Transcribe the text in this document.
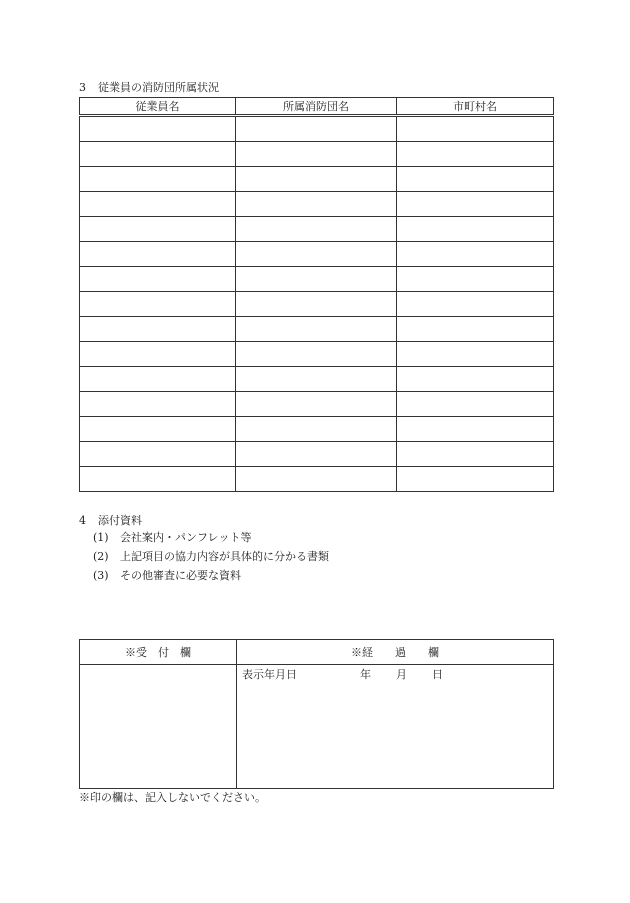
3 従業員の消防団所属状況
従業員名	所属消防団名	市町村名

4 添付資料
(1) 会社案内・パンフレット等
(2) 上記項目の協力内容が具体的に分かる書類
(3) その他審査に必要な資料
※受　付　欄	※経　　過　　欄

	表示年月日 年 月 日
※印の欄は、記入しないでください。
